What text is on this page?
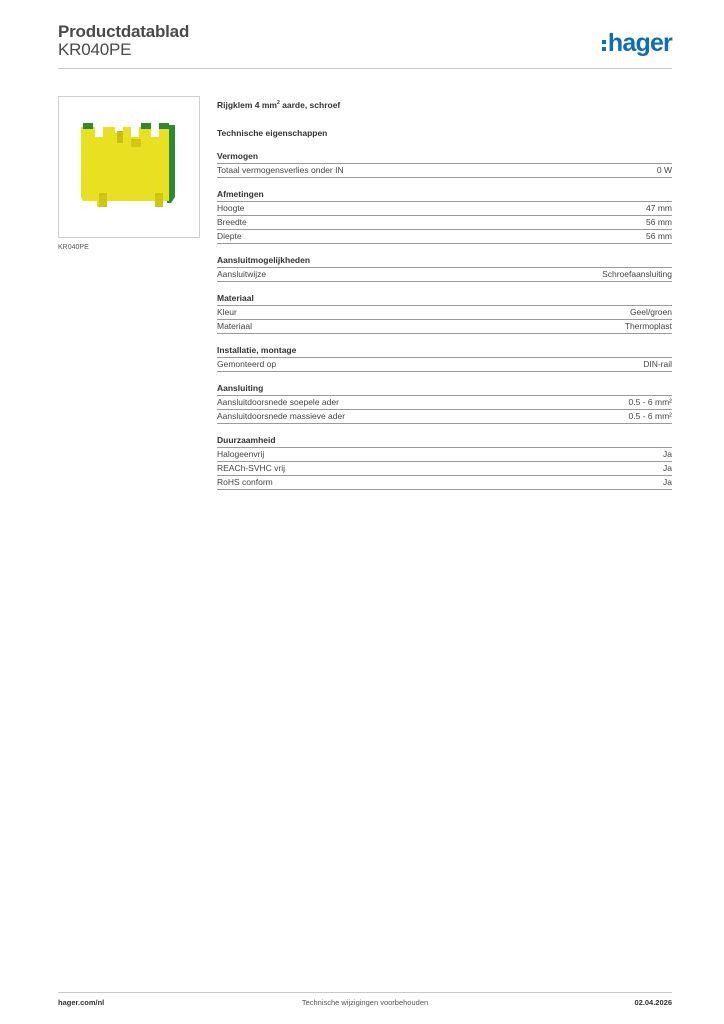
Productdatablad
KR040PE	hager
KR040PE
Rijgklem 4 $mm^2$ aarde, schroef
Technische eigenschappen
Vermogen
Totaal vermogensverlies onder IN	0 W
Afmetingen
Hoogte	47 mm
Breedte	56 mm
Diepte	56 mm
Aansluitmogelijkheden
Aansluitwijze	Schroefaansluiting
Materiaal
Kleur	Geel/groen
Materiaal	Thermoplast
Installatie, montage
Gemonteerd op	DIN-rail
Aansluiting
Aansluitdoorsnede soepele ader	0.5 - 6 mm²
Aansluitdoorsnede massieve ader	0.5 - 6 mm²
Duurzaamheid
Halogeenvrij	Ja
REACh-SVHC vrij	Ja
RoHS conform	Ja
hager.com/nl	Technische wijzigingen voorbehouden	02.04.2026
